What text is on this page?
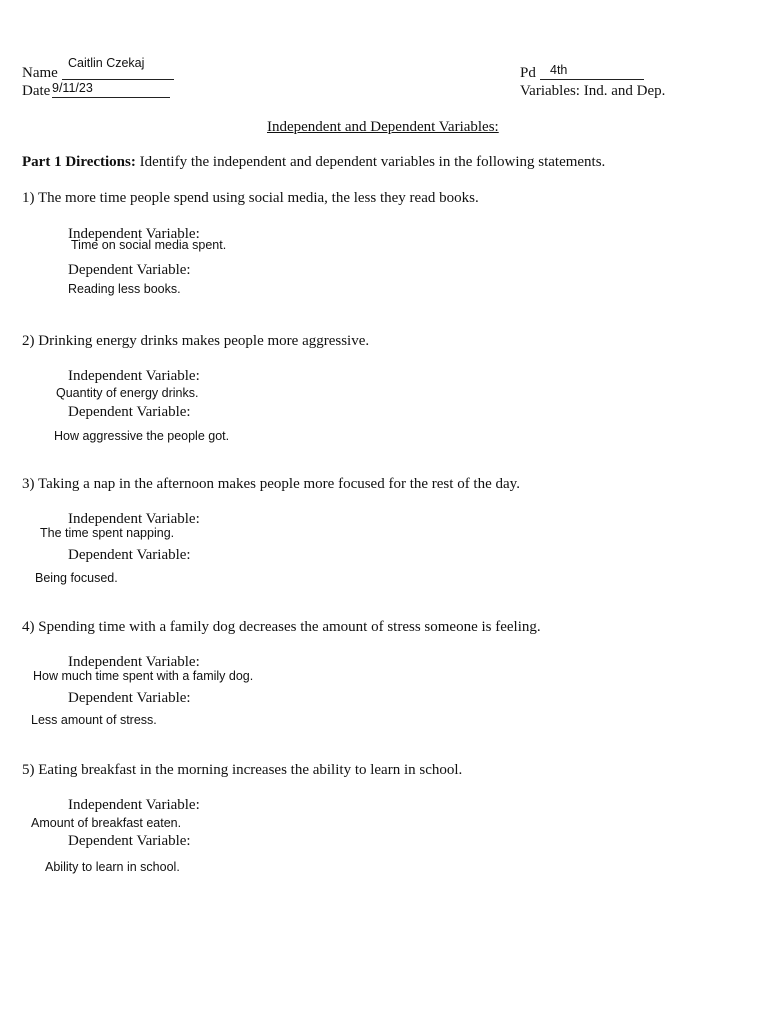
Name
Caitlin Czekaj
Date 9/11/23
Pd 4th
Variables: Ind. and Dep.
Independent and Dependent Variables:
Part 1 Directions: Identify the independent and dependent variables in the following statements.
1) The more time people spend using social media, the less they read books.
Independent Variable:
Time on social media spent.
Dependent Variable:
Reading less books.
2) Drinking energy drinks makes people more aggressive.
Independent Variable:
Quantity of energy drinks.
Dependent Variable:
How aggressive the people got.
3) Taking a nap in the afternoon makes people more focused for the rest of the day.
Independent Variable:
The time spent napping.
Dependent Variable:
Being focused.
4) Spending time with a family dog decreases the amount of stress someone is feeling.
Independent Variable:
How much time spent with a family dog.
Dependent Variable:
Less amount of stress.
5) Eating breakfast in the morning increases the ability to learn in school.
Independent Variable:
Amount of breakfast eaten.
Dependent Variable:
Ability to learn in school.
